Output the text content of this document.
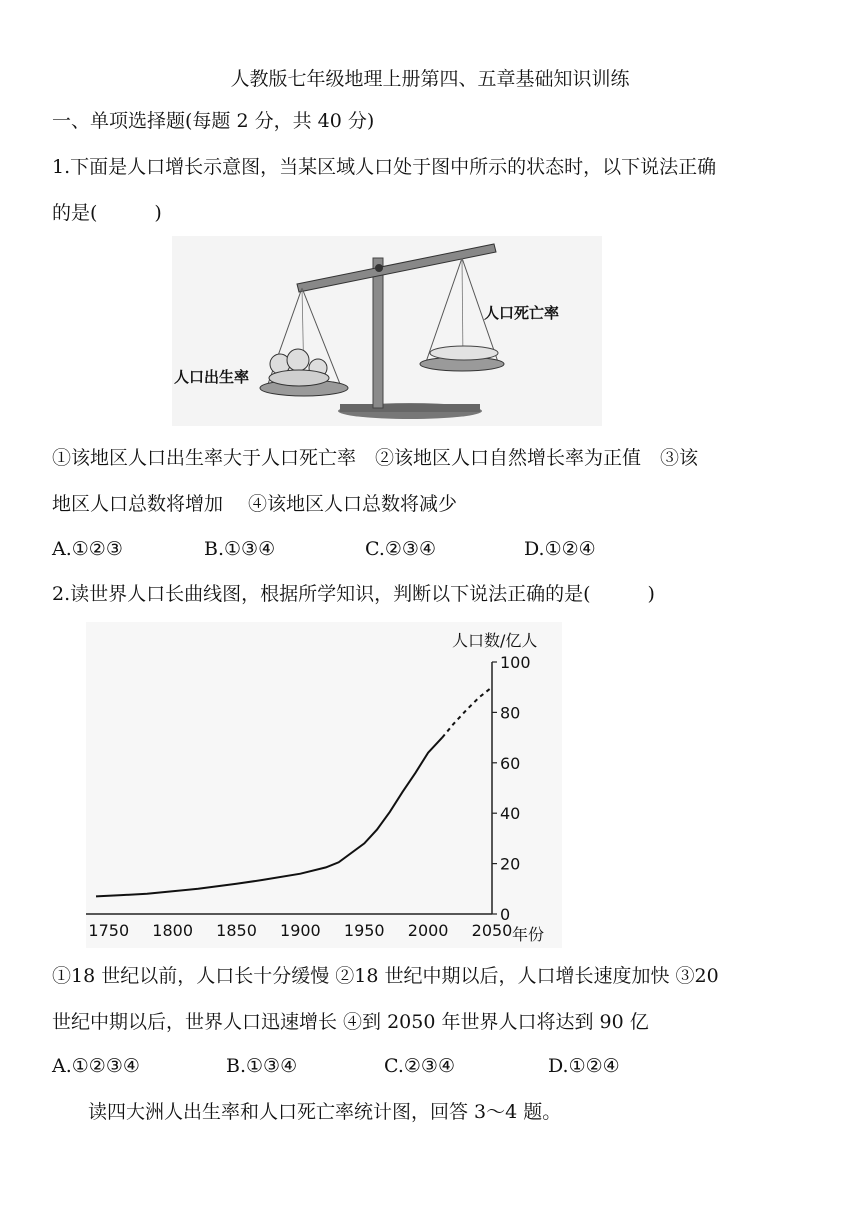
人教版七年级地理上册第四、五章基础知识训练
一、单项选择题(每题 2 分，共 40 分)
1.下面是人口增长示意图，当某区域人口处于图中所示的状态时，以下说法正确
的是(　　　)
人口出生率
人口死亡率
①该地区人口出生率大于人口死亡率　②该地区人口自然增长率为正值　③该
地区人口总数将增加　 ④该地区人口总数将减少
A.①②③	B.①③④	C.②③④	D.①②④
2.读世界人口长曲线图，根据所学知识，判断以下说法正确的是(　　　)
1750 1800 1850 1900 1950 2000 2050
0
20
40
60
80
100
人口数/亿人
年份
①18 世纪以前，人口长十分缓慢 ②18 世纪中期以后，人口增长速度加快 ③20
世纪中期以后，世界人口迅速增长 ④到 2050 年世界人口将达到 90 亿
A.①②③④	B.①③④	C.②③④	D.①②④
读四大洲人出生率和人口死亡率统计图，回答 3～4 题。
